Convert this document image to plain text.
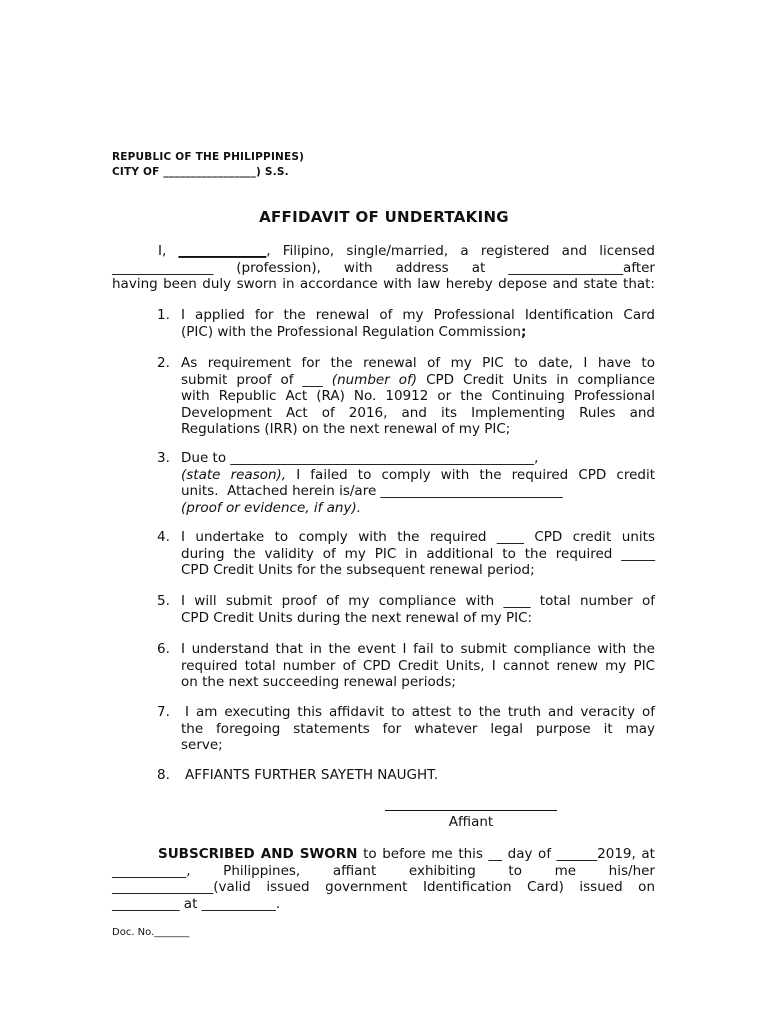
REPUBLIC OF THE PHILIPPINES)
CITY OF _________________) S.S.
AFFIDAVIT OF UNDERTAKING
I, _____________, Filipino, single/married, a registered and licensed
_______________ (profession), with address at _________________after
having been duly sworn in accordance with law hereby depose and state that:
1. I applied for the renewal of my Professional Identification Card
(PIC) with the Professional Regulation Commission;
2. As requirement for the renewal of my PIC to date, I have to
submit proof of ___ (number of) CPD Credit Units in compliance
with Republic Act (RA) No. 10912 or the Continuing Professional
Development Act of 2016, and its Implementing Rules and
Regulations (IRR) on the next renewal of my PIC;
3. Due to _____________________________________________,
(state reason), I failed to comply with the required CPD credit
units.  Attached herein is/are ___________________________
(proof or evidence, if any).
4. I undertake to comply with the required ____ CPD credit units
during the validity of my PIC in additional to the required _____
CPD Credit Units for the subsequent renewal period;
5. I will submit proof of my compliance with ____ total number of
CPD Credit Units during the next renewal of my PIC:
6. I understand that in the event I fail to submit compliance with the
required total number of CPD Credit Units, I cannot renew my PIC
on the next succeeding renewal periods;
7.	I am executing this affidavit to attest to the truth and veracity of
the foregoing statements for whatever legal purpose it may
serve;
8.	AFFIANTS FURTHER SAYETH NAUGHT.
Affiant
SUBSCRIBED AND SWORN to before me this __ day of ______2019, at
___________, Philippines, affiant exhibiting to me his/her
_______________(valid issued government Identification Card) issued on
__________ at ___________.
Doc. No._______
